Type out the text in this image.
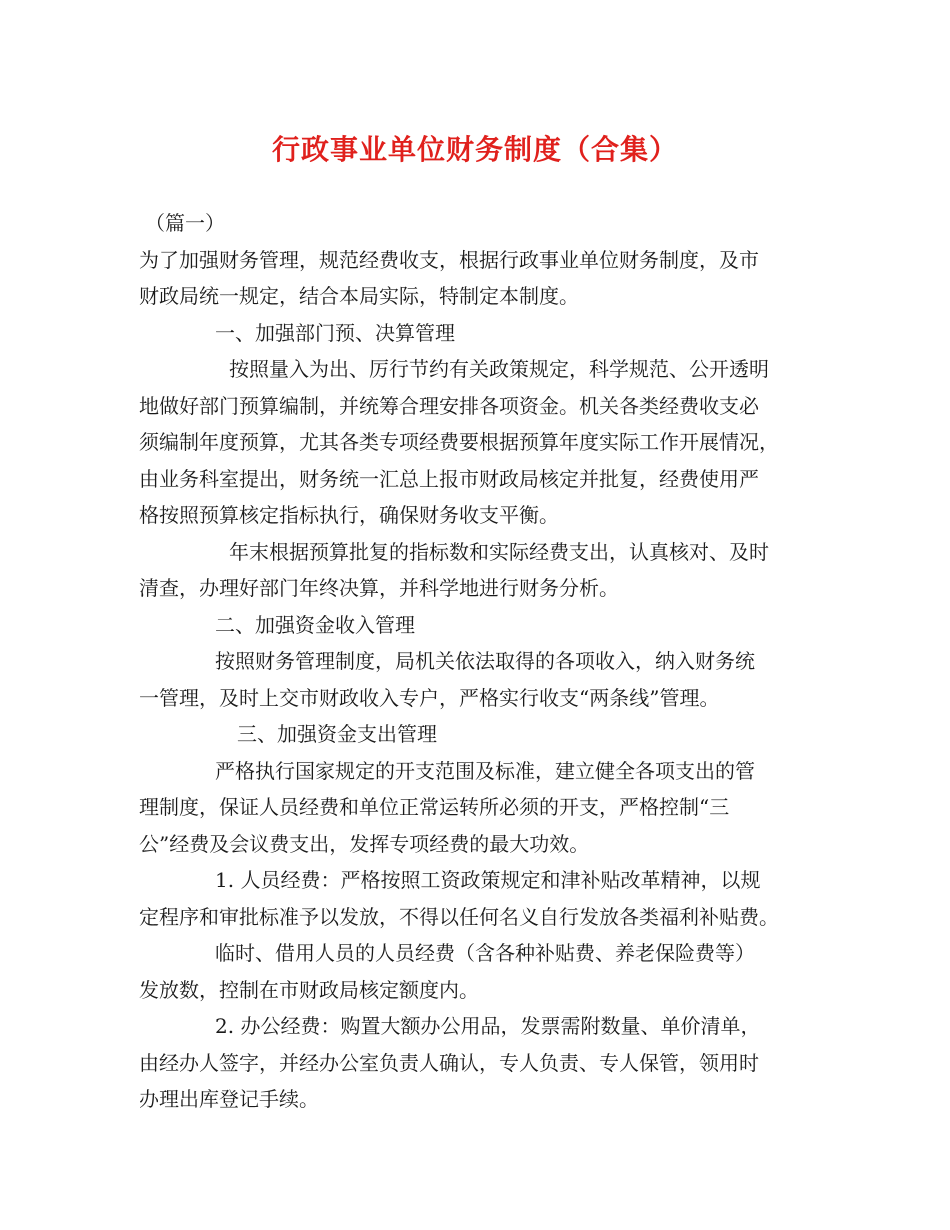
行政事业单位财务制度（合集）
（篇一）
为了加强财务管理，规范经费收支，根据行政事业单位财务制度，及市
财政局统一规定，结合本局实际，特制定本制度。
一、加强部门预、决算管理
按照量入为出、厉行节约有关政策规定，科学规范、公开透明
地做好部门预算编制，并统筹合理安排各项资金。机关各类经费收支必
须编制年度预算，尤其各类专项经费要根据预算年度实际工作开展情况，
由业务科室提出，财务统一汇总上报市财政局核定并批复，经费使用严
格按照预算核定指标执行，确保财务收支平衡。
年末根据预算批复的指标数和实际经费支出，认真核对、及时
清查，办理好部门年终决算，并科学地进行财务分析。
二、加强资金收入管理
按照财务管理制度，局机关依法取得的各项收入，纳入财务统
一管理，及时上交市财政收入专户，严格实行收支“两条线”管理。
三、加强资金支出管理
严格执行国家规定的开支范围及标准，建立健全各项支出的管
理制度，保证人员经费和单位正常运转所必须的开支，严格控制“三
公”经费及会议费支出，发挥专项经费的最大功效。
1. 人员经费：严格按照工资政策规定和津补贴改革精神，以规
定程序和审批标准予以发放，不得以任何名义自行发放各类福利补贴费。
临时、借用人员的人员经费（含各种补贴费、养老保险费等）
发放数，控制在市财政局核定额度内。
2. 办公经费：购置大额办公用品，发票需附数量、单价清单，
由经办人签字，并经办公室负责人确认，专人负责、专人保管，领用时
办理出库登记手续。
